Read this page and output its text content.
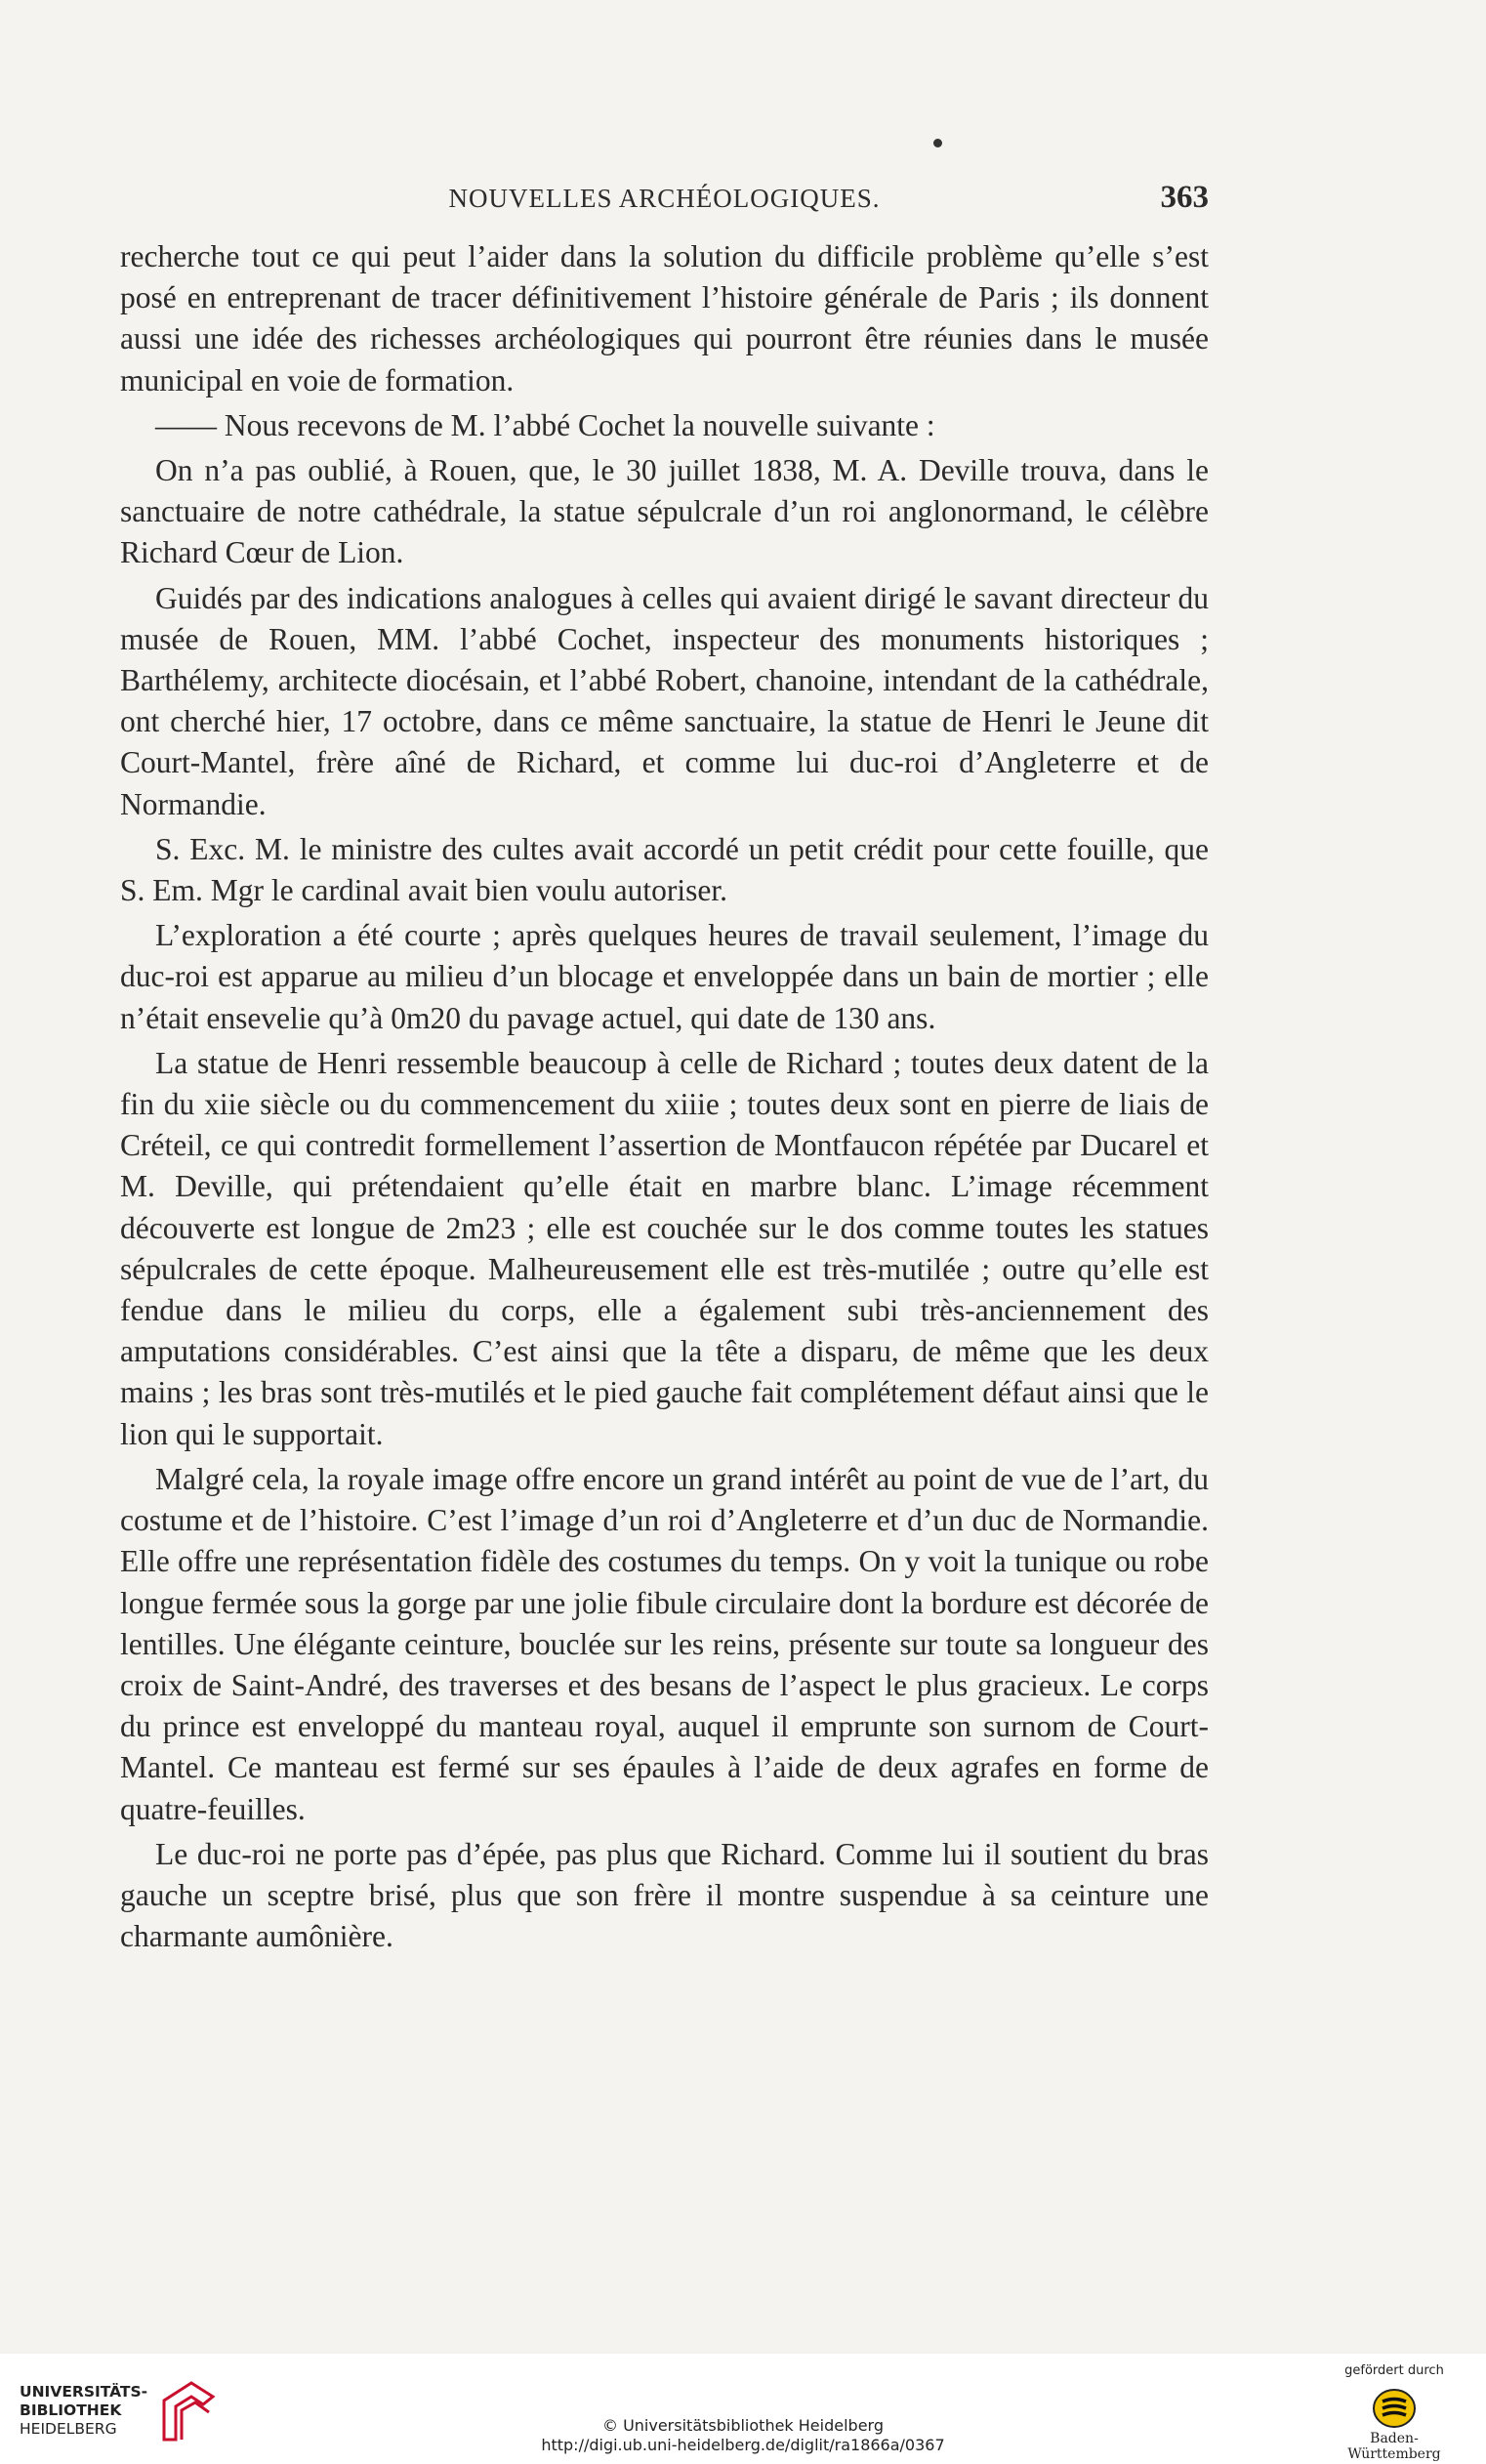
NOUVELLES ARCHÉOLOGIQUES.	363

recherche tout ce qui peut l’aider dans la solution du difficile problème qu’elle s’est posé en entreprenant de tracer définitivement l’histoire générale de Paris ; ils donnent aussi une idée des richesses archéologiques qui pourront être réunies dans le musée municipal en voie de formation.

—— Nous recevons de M. l’abbé Cochet la nouvelle suivante :

On n’a pas oublié, à Rouen, que, le 30 juillet 1838, M. A. Deville trouva, dans le sanctuaire de notre cathédrale, la statue sépulcrale d’un roi anglonormand, le célèbre Richard Cœur de Lion.

Guidés par des indications analogues à celles qui avaient dirigé le savant directeur du musée de Rouen, MM. l’abbé Cochet, inspecteur des monuments historiques ; Barthélemy, architecte diocésain, et l’abbé Robert, chanoine, intendant de la cathédrale, ont cherché hier, 17 octobre, dans ce même sanctuaire, la statue de Henri le Jeune dit Court-Mantel, frère aîné de Richard, et comme lui duc-roi d’Angleterre et de Normandie.

S. Exc. M. le ministre des cultes avait accordé un petit crédit pour cette fouille, que S. Em. Mgr le cardinal avait bien voulu autoriser.

L’exploration a été courte ; après quelques heures de travail seulement, l’image du duc-roi est apparue au milieu d’un blocage et enveloppée dans un bain de mortier ; elle n’était ensevelie qu’à 0m20 du pavage actuel, qui date de 130 ans.

La statue de Henri ressemble beaucoup à celle de Richard ; toutes deux datent de la fin du xiie siècle ou du commencement du xiiie ; toutes deux sont en pierre de liais de Créteil, ce qui contredit formellement l’assertion de Montfaucon répétée par Ducarel et M. Deville, qui prétendaient qu’elle était en marbre blanc. L’image récemment découverte est longue de 2m23 ; elle est couchée sur le dos comme toutes les statues sépulcrales de cette époque. Malheureusement elle est très-mutilée ; outre qu’elle est fendue dans le milieu du corps, elle a également subi très-anciennement des amputations considérables. C’est ainsi que la tête a disparu, de même que les deux mains ; les bras sont très-mutilés et le pied gauche fait complétement défaut ainsi que le lion qui le supportait.

Malgré cela, la royale image offre encore un grand intérêt au point de vue de l’art, du costume et de l’histoire. C’est l’image d’un roi d’Angleterre et d’un duc de Normandie. Elle offre une représentation fidèle des costumes du temps. On y voit la tunique ou robe longue fermée sous la gorge par une jolie fibule circulaire dont la bordure est décorée de lentilles. Une élégante ceinture, bouclée sur les reins, présente sur toute sa longueur des croix de Saint-André, des traverses et des besans de l’aspect le plus gracieux. Le corps du prince est enveloppé du manteau royal, auquel il emprunte son surnom de Court-Mantel. Ce manteau est fermé sur ses épaules à l’aide de deux agrafes en forme de quatre-feuilles.

Le duc-roi ne porte pas d’épée, pas plus que Richard. Comme lui il soutient du bras gauche un sceptre brisé, plus que son frère il montre suspendue à sa ceinture une charmante aumônière.

UNIVERSITÄTS-
BIBLIOTHEK
HEIDELBERG	© Universitätsbibliothek Heidelberg
http://digi.ub.uni-heidelberg.de/diglit/ra1866a/0367
gefördert durch
Baden-Württemberg
